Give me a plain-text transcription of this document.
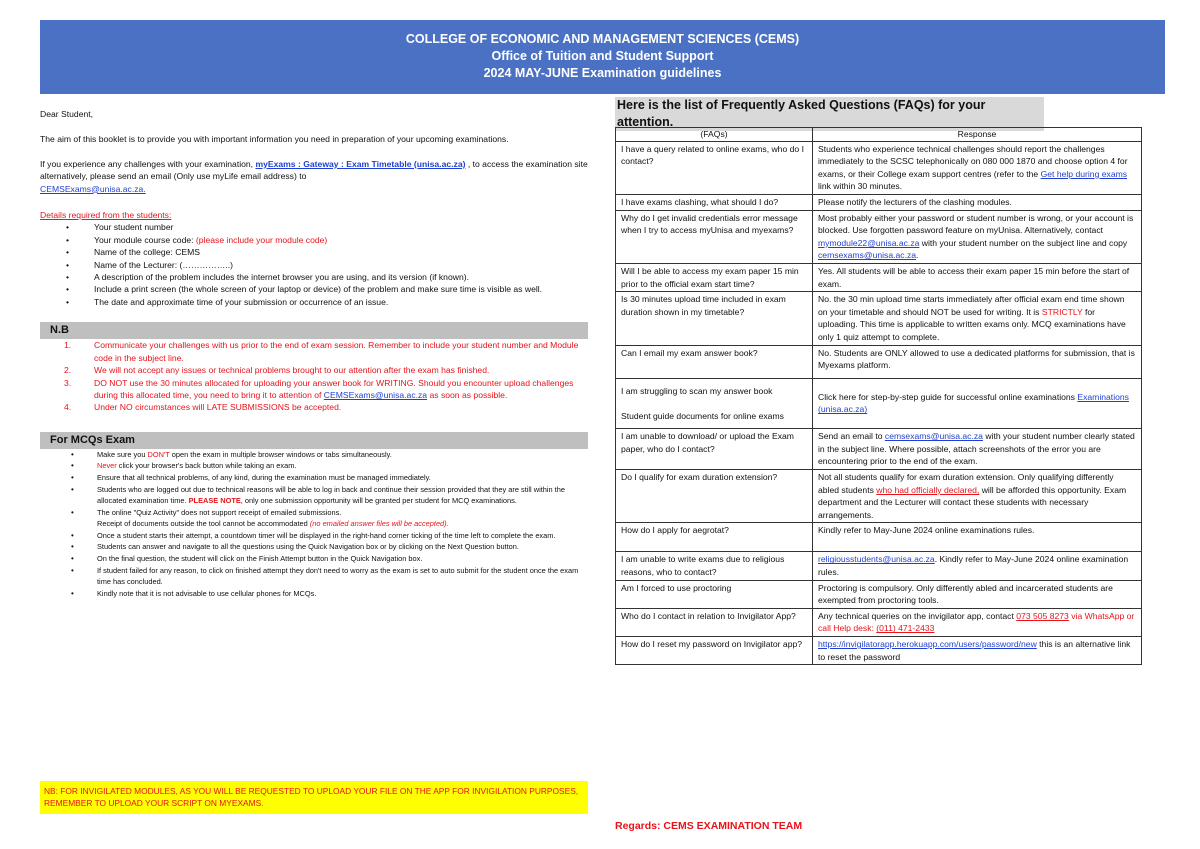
COLLEGE OF ECONOMIC AND MANAGEMENT SCIENCES (CEMS)
Office of Tuition and Student Support
2024 MAY-JUNE Examination guidelines

Dear Student,

The aim of this booklet is to provide you with important information you need in preparation of your upcoming examinations.

If you experience any challenges with your examination, myExams : Gateway : Exam Timetable (unisa.ac.za) , to access the examination site alternatively, please send an email (Only use myLife email address) to
CEMSExams@unisa.ac.za.

Details required from the students:

• Your student number
• Your module course code: (please include your module code)
• Name of the college: CEMS
• Name of the Lecturer: (……………..)
• A description of the problem includes the internet browser you are using, and its version (if known).
• Include a print screen (the whole screen of your laptop or device) of the problem and make sure time is visible as well.
• The date and approximate time of your submission or occurrence of an issue.
N.B
1.	Communicate your challenges with us prior to the end of exam session. Remember to include your student number and Module code in the subject line.
2.	We will not accept any issues or technical problems brought to our attention after the exam has finished.
3.	DO NOT use the 30 minutes allocated for uploading your answer book for WRITING. Should you encounter upload challenges during this allocated time, you need to bring it to attention of CEMSExams@unisa.ac.za as soon as possible.
4.	Under NO circumstances will LATE SUBMISSIONS be accepted.
For MCQs Exam
• Make sure you DON'T open the exam in multiple browser windows or tabs simultaneously.
• Never click your browser's back button while taking an exam.
• Ensure that all technical problems, of any kind, during the examination must be managed immediately.
• Students who are logged out due to technical reasons will be able to log in back and continue their session provided that they are still within the allocated examination time. PLEASE NOTE, only one submission opportunity will be granted per student for MCQ examinations.
• The online "Quiz Activity" does not support receipt of emailed submissions.
Receipt of documents outside the tool cannot be accommodated (no emailed answer files will be accepted).
• Once a student starts their attempt, a countdown timer will be displayed in the right-hand corner ticking of the time left to complete the exam.
• Students can answer and navigate to all the questions using the Quick Navigation box or by clicking on the Next Question button.
• On the final question, the student will click on the Finish Attempt button in the Quick Navigation box.
• If student failed for any reason, to click on finished attempt they don't need to worry as the exam is set to auto submit for the student once the exam time has concluded.
• Kindly note that it is not advisable to use cellular phones for MCQs.
NB: FOR INVIGILATED MODULES, AS YOU WILL BE REQUESTED TO UPLOAD YOUR FILE ON THE APP FOR INVIGILATION PURPOSES, REMEMBER TO UPLOAD YOUR SCRIPT ON MYEXAMS.
Here is the list of Frequently Asked Questions (FAQs) for your attention.
(FAQs)	Response
I have a query related to online exams, who do I contact?	Students who experience technical challenges should report the challenges immediately to the SCSC telephonically on 080 000 1870 and choose option 4 for exams, or their College exam support centres (refer to the Get help during exams link within 30 minutes.
I have exams clashing, what should I do?	Please notify the lecturers of the clashing modules.
Why do I get invalid credentials error message when I try to access myUnisa and myexams?	Most probably either your password or student number is wrong, or your account is blocked. Use forgotten password feature on myUnisa. Alternatively, contact mymodule22@unisa.ac.za with your student number on the subject line and copy cemsexams@unisa.ac.za.
Will I be able to access my exam paper 15 min prior to the official exam start time?	Yes. All students will be able to access their exam paper 15 min before the start of exam.
Is 30 minutes upload time included in exam duration shown in my timetable?	No. the 30 min upload time starts immediately after official exam end time shown on your timetable and should NOT be used for writing. It is STRICTLY for uploading. This time is applicable to written exams only. MCQ examinations have only 1 quiz attempt to complete.
Can I email my exam answer book?	No. Students are ONLY allowed to use a dedicated platforms for submission, that is Myexams platform.
I am struggling to scan my answer book

Student guide documents for online exams	Click here for step-by-step guide for successful online examinations Examinations (unisa.ac.za)
I am unable to download/ or upload the Exam paper, who do I contact?	Send an email to cemsexams@unisa.ac.za with your student number clearly stated in the subject line. Where possible, attach screenshots of the error you are encountering prior to the end of the exam.
Do I qualify for exam duration extension?	Not all students qualify for exam duration extension. Only qualifying differently abled students who had officially declared, will be afforded this opportunity. Exam department and the Lecturer will contact these students with necessary arrangements.
How do I apply for aegrotat?	Kindly refer to May-June 2024 online examinations rules.
I am unable to write exams due to religious reasons, who to contact?	religiousstudents@unisa.ac.za. Kindly refer to May-June 2024 online examination rules.
Am I forced to use proctoring	Proctoring is compulsory. Only differently abled and incarcerated students are exempted from proctoring tools.
Who do I contact in relation to Invigilator App?	Any technical queries on the invigilator app, contact 073 505 8273 via WhatsApp or call Help desk: (011) 471-2433
How do I reset my password on Invigilator app?	https://invigilatorapp.herokuapp.com/users/password/new this is an alternative link to reset the password
Regards: CEMS EXAMINATION TEAM
